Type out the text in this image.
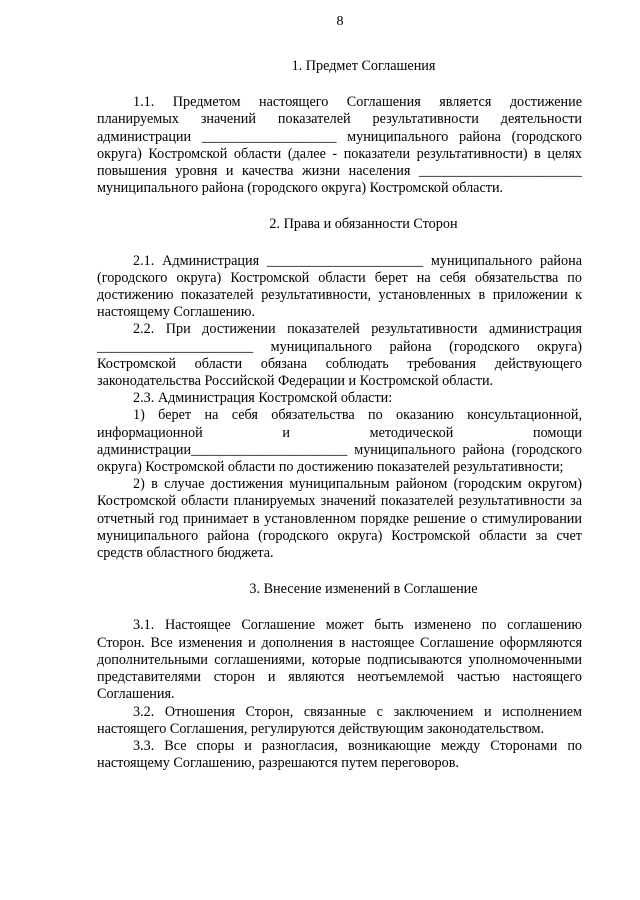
8
1. Предмет Соглашения

1.1. Предметом настоящего Соглашения является достижение планируемых значений показателей результативности деятельности администрации ___________________ муниципального района (городского округа) Костромской области (далее - показатели результативности) в целях повышения уровня и качества жизни населения _______________________ муниципального района (городского округа) Костромской области.

2. Права и обязанности Сторон

2.1. Администрация ______________________ муниципального района (городского округа) Костромской области берет на себя обязательства по достижению показателей результативности, установленных в приложении к настоящему Соглашению.

2.2. При достижении показателей результативности администрация ______________________ муниципального района (городского округа) Костромской области обязана соблюдать требования действующего законодательства Российской Федерации и Костромской области.

2.3. Администрация Костромской области:

1) берет на себя обязательства по оказанию консультационной, информационной и методической помощи администрации______________________ муниципального района (городского округа) Костромской области по достижению показателей результативности;

2) в случае достижения муниципальным районом (городским округом) Костромской области планируемых значений показателей результативности за отчетный год принимает в установленном порядке решение о стимулировании муниципального района (городского округа) Костромской области за счет средств областного бюджета.

3. Внесение изменений в Соглашение

3.1. Настоящее Соглашение может быть изменено по соглашению Сторон. Все изменения и дополнения в настоящее Соглашение оформляются дополнительными соглашениями, которые подписываются уполномоченными представителями сторон и являются неотъемлемой частью настоящего Соглашения.

3.2. Отношения Сторон, связанные с заключением и исполнением настоящего Соглашения, регулируются действующим законодательством.

3.3. Все споры и разногласия, возникающие между Сторонами по настоящему Соглашению, разрешаются путем переговоров.
